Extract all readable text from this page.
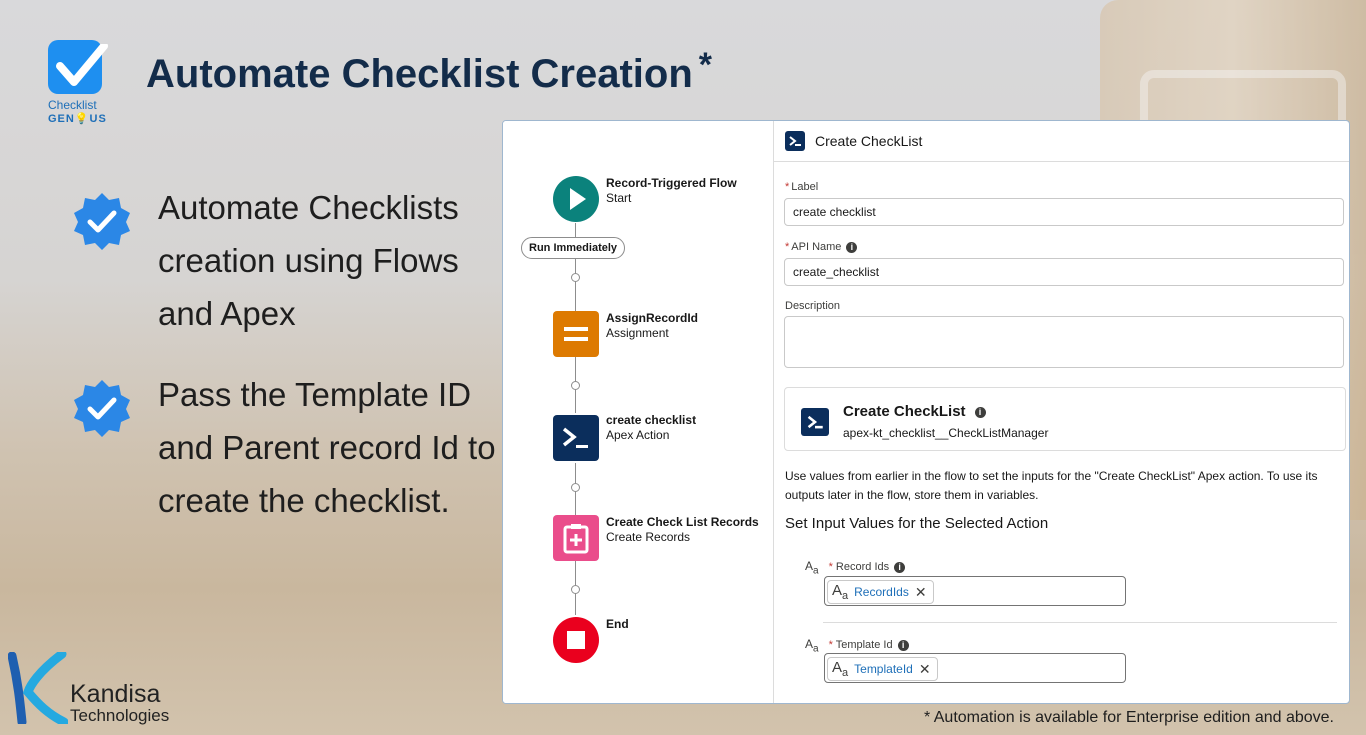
Checklist
GEN💡US
Automate Checklist Creation *
Automate Checklists creation using Flows and Apex
Pass the Template ID and Parent record Id to create the checklist.
Kandisa
Technologies	* Automation is available for Enterprise edition and above.
Record-Triggered Flow
Start
Run Immediately
AssignRecordId
Assignment
create checklist
Apex Action
Create Check List Records
Create Records
End
Create CheckList
* Label
create checklist
* API Name i
create_checklist
Description
Create CheckList i
apex-kt_checklist__CheckListManager
Use values from earlier in the flow to set the inputs for the "Create CheckList" Apex action. To use its outputs later in the flow, store them in variables.
Set Input Values for the Selected Action
$A_a$ * Record Ids i
$A_a$ RecordIds ✕
$A_a$ * Template Id i
$A_a$ TemplateId ✕
